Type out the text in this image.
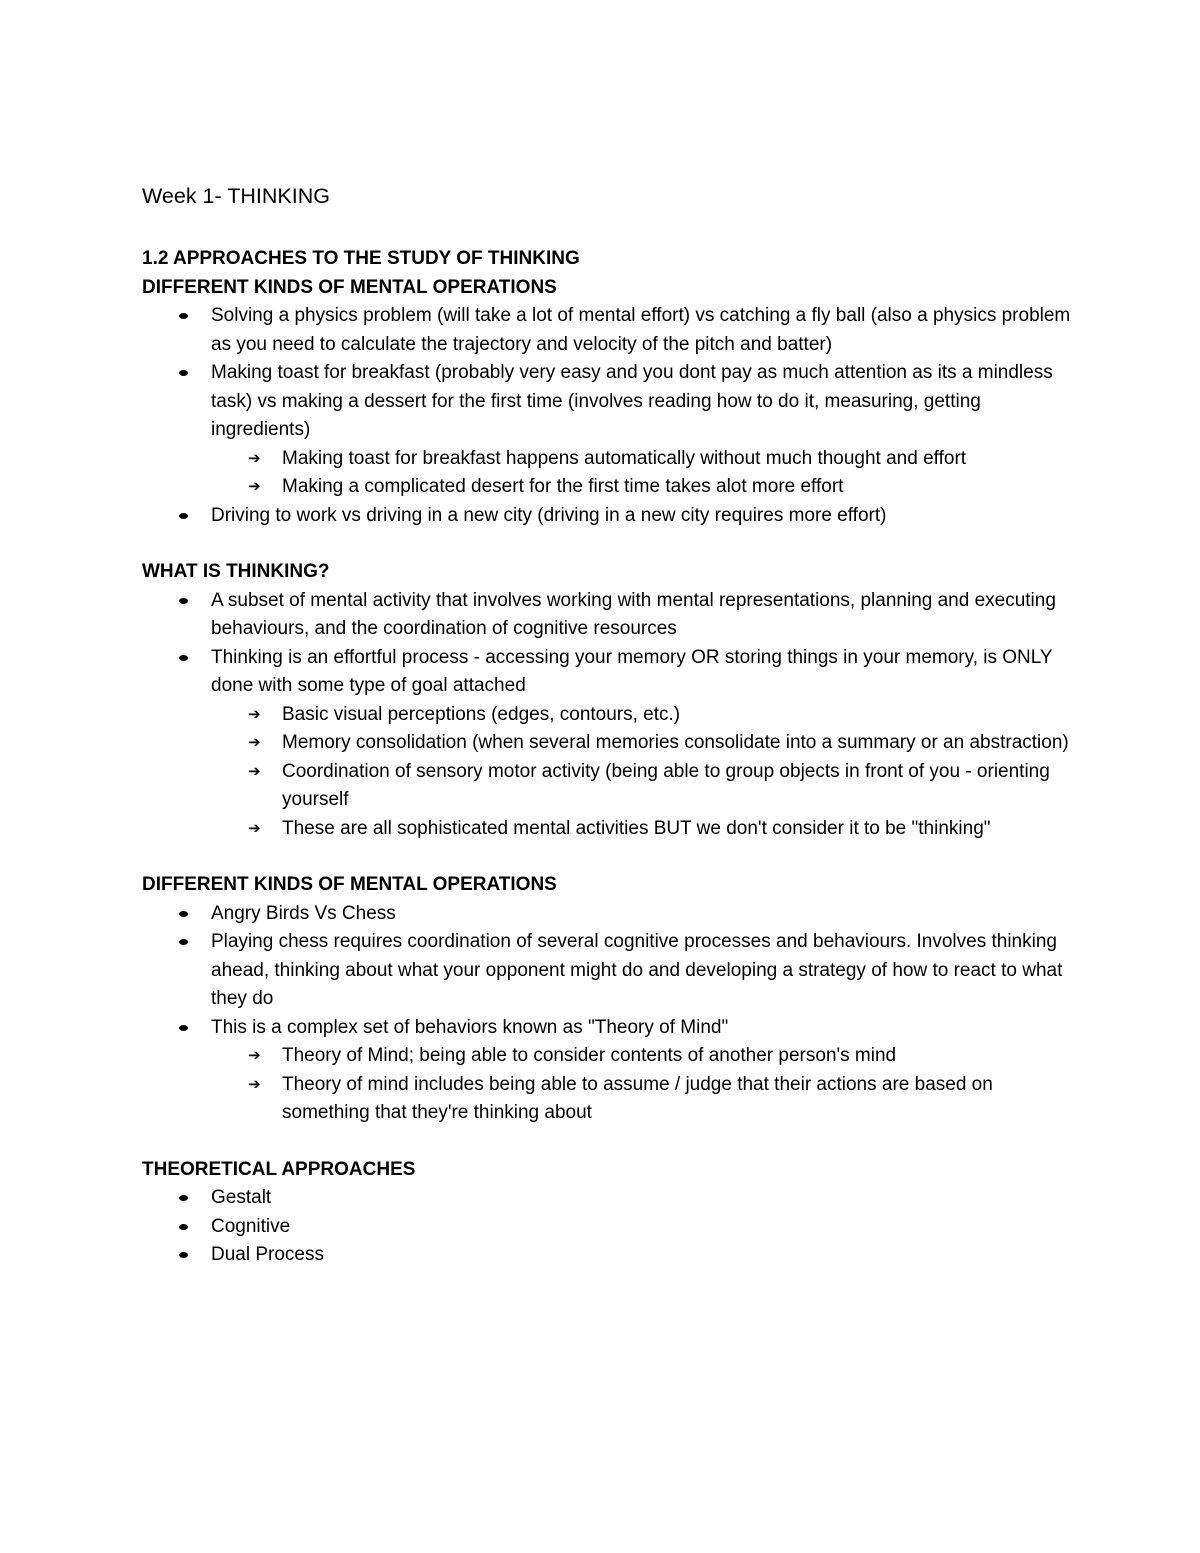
Week 1- THINKING
1.2 APPROACHES TO THE STUDY OF THINKING
DIFFERENT KINDS OF MENTAL OPERATIONS
Solving a physics problem (will take a lot of mental effort) vs catching a fly ball (also a physics problem as you need to calculate the trajectory and velocity of the pitch and batter)
Making toast for breakfast (probably very easy and you dont pay as much attention as its a mindless task) vs making a dessert for the first time (involves reading how to do it, measuring, getting ingredients)
➔ Making toast for breakfast happens automatically without much thought and effort
➔ Making a complicated desert for the first time takes alot more effort
Driving to work vs driving in a new city (driving in a new city requires more effort)
WHAT IS THINKING?
A subset of mental activity that involves working with mental representations, planning and executing behaviours, and the coordination of cognitive resources
Thinking is an effortful process - accessing your memory OR storing things in your memory, is ONLY done with some type of goal attached
➔ Basic visual perceptions (edges, contours, etc.)
➔ Memory consolidation (when several memories consolidate into a summary or an abstraction)
➔ Coordination of sensory motor activity (being able to group objects in front of you - orienting yourself
➔ These are all sophisticated mental activities BUT we don't consider it to be "thinking"
DIFFERENT KINDS OF MENTAL OPERATIONS
Angry Birds Vs Chess
Playing chess requires coordination of several cognitive processes and behaviours. Involves thinking ahead, thinking about what your opponent might do and developing a strategy of how to react to what they do
This is a complex set of behaviors known as "Theory of Mind"
➔ Theory of Mind; being able to consider contents of another person's mind
➔ Theory of mind includes being able to assume / judge that their actions are based on something that they're thinking about
THEORETICAL APPROACHES
Gestalt
Cognitive
Dual Process
